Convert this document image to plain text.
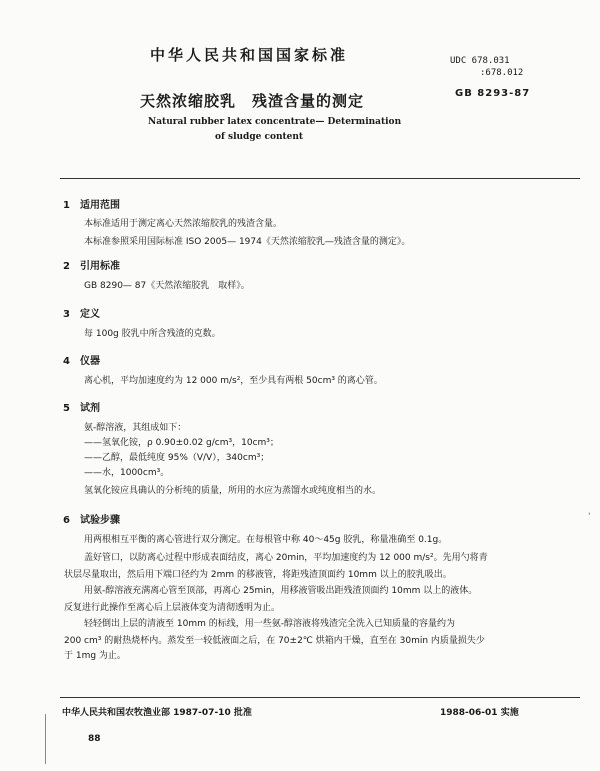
中华人民共和国国家标准	UDC 678.031
:678.012
GB 8293-87
天然浓缩胶乳　残渣含量的测定
Natural rubber latex concentrate— Determination
of sludge content
1 适用范围
本标准适用于测定离心天然浓缩胶乳的残渣含量。
本标准参照采用国际标准 ISO 2005— 1974《天然浓缩胶乳—残渣含量的测定》。
2 引用标准
GB 8290— 87《天然浓缩胶乳　取样》。
3 定义
每 100g 胶乳中所含残渣的克数。
4 仪器
离心机，平均加速度约为 12 000 m/s²，至少具有两根 50cm³ 的离心管。
5 试剂
氨-醇溶液，其组成如下：
——氢氧化铵，ρ 0.90±0.02 g/cm³，10cm³；
——乙醇，最低纯度 95%（V/V），340cm³；
——水，1000cm³。
氢氧化铵应具确认的分析纯的质量，所用的水应为蒸馏水或纯度相当的水。
6 试验步骤
用两根相互平衡的离心管进行双分测定。在每根管中称 40～45g 胶乳，称量准确至 0.1g。
盖好管口，以防离心过程中形成表面结皮，离心 20min，平均加速度约为 12 000 m/s²。先用勺将青
状层尽量取出，然后用下端口径约为 2mm 的移液管，将距残渣顶面约 10mm 以上的胶乳吸出。
用氨-醇溶液充满离心管至顶部，再离心 25min，用移液管吸出距残渣顶面约 10mm 以上的液体。
反复进行此操作至离心后上层液体变为清彻透明为止。
轻轻倒出上层的清液至 10mm 的标线，用一些氨-醇溶液将残渣完全洗入已知质量的容量约为
200 cm³ 的耐热烧杯内。蒸发至一较低液面之后，在 70±2℃ 烘箱内干燥，直至在 30min 内质量损失少
于 1mg 为止。
'
中华人民共和国农牧渔业部 1987-07-10 批准	1988-06-01 实施
88
